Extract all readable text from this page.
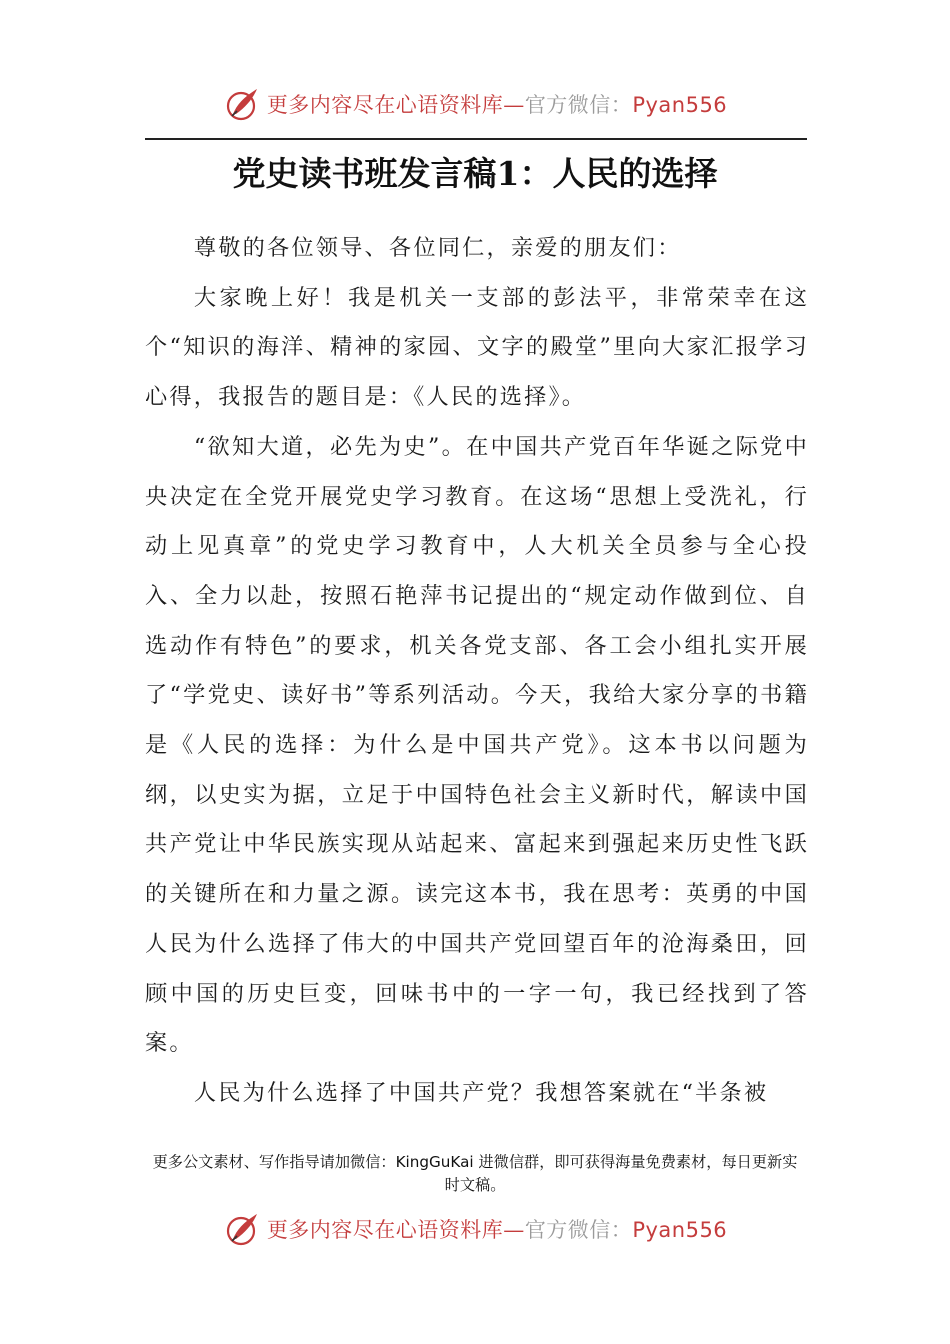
更多内容尽在心语资料库—官方微信：Pyan556
党史读书班发言稿1：人民的选择

尊敬的各位领导、各位同仁，亲爱的朋友们：

大家晚上好！我是机关一支部的彭法平，非常荣幸在这个“知识的海洋、精神的家园、文字的殿堂”里向大家汇报学习心得，我报告的题目是：《人民的选择》。

“欲知大道，必先为史”。在中国共产党百年华诞之际党中央决定在全党开展党史学习教育。在这场“思想上受洗礼，行动上见真章”的党史学习教育中，人大机关全员参与全心投入、全力以赴，按照石艳萍书记提出的“规定动作做到位、自选动作有特色”的要求，机关各党支部、各工会小组扎实开展了“学党史、读好书”等系列活动。今天，我给大家分享的书籍是《人民的选择：为什么是中国共产党》。这本书以问题为纲，以史实为据，立足于中国特色社会主义新时代，解读中国共产党让中华民族实现从站起来、富起来到强起来历史性飞跃的关键所在和力量之源。读完这本书，我在思考：英勇的中国人民为什么选择了伟大的中国共产党回望百年的沧海桑田，回顾中国的历史巨变，回味书中的一字一句，我已经找到了答案。

人民为什么选择了中国共产党？我想答案就在“半条被

更多公文素材、写作指导请加微信：KingGuKai 进微信群，即可获得海量免费素材，每日更新实时文稿。
更多内容尽在心语资料库—官方微信：Pyan556
